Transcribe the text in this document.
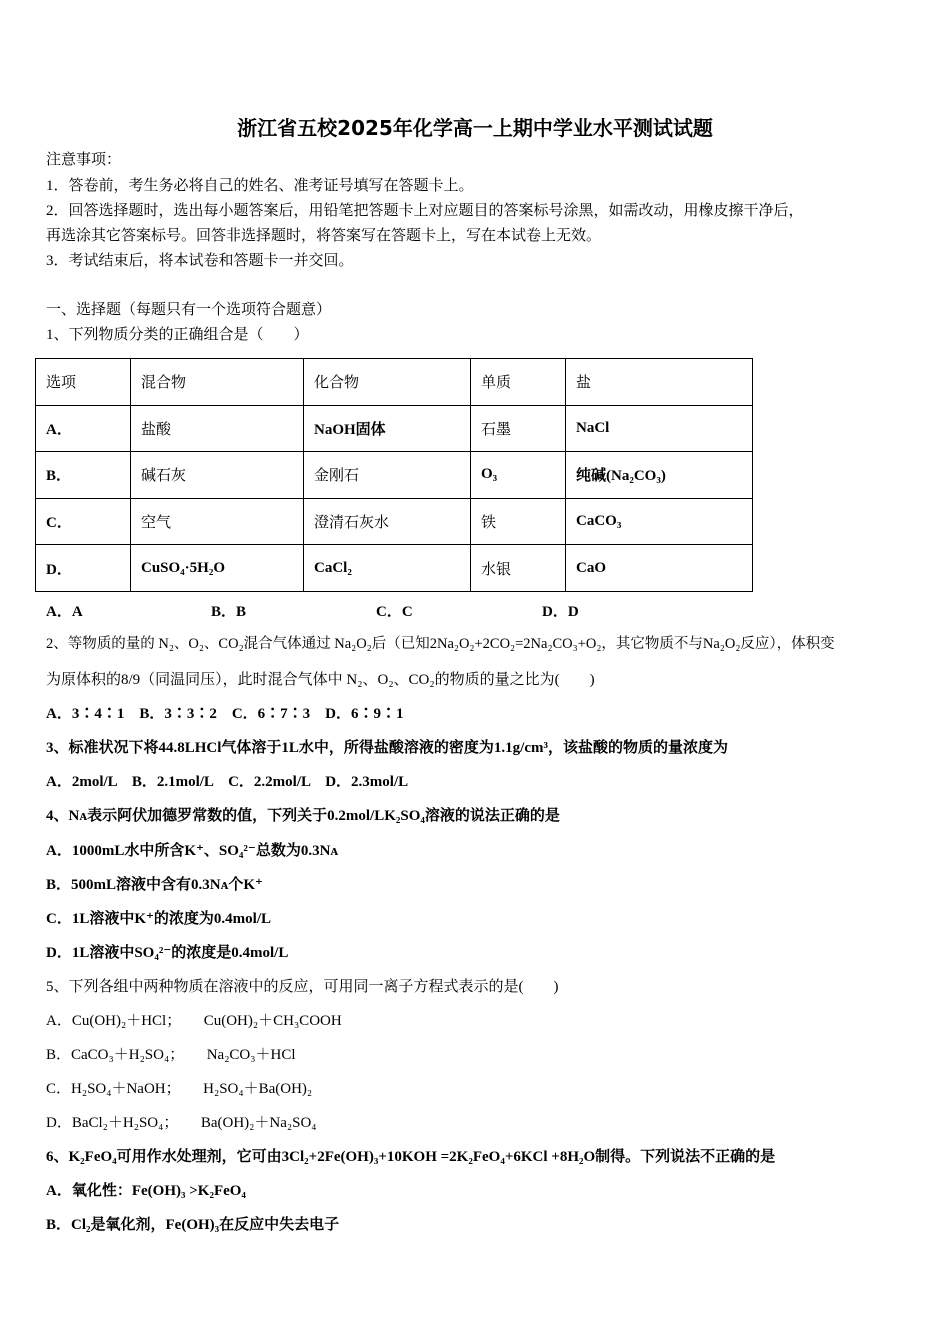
浙江省五校2025年化学高一上期中学业水平测试试题
注意事项：
1．答卷前，考生务必将自己的姓名、准考证号填写在答题卡上。
2．回答选择题时，选出每小题答案后，用铅笔把答题卡上对应题目的答案标号涂黑，如需改动，用橡皮擦干净后，
再选涂其它答案标号。回答非选择题时，将答案写在答题卡上，写在本试卷上无效。
3．考试结束后，将本试卷和答题卡一并交回。
一、选择题（每题只有一个选项符合题意）
1、下列物质分类的正确组合是（　　）
选项	混合物	化合物	单质	盐
A．	盐酸	NaOH固体	石墨	NaCl
B．	碱石灰	金刚石	O₃	纯碱(Na₂CO₃)
C．	空气	澄清石灰水	铁	CaCO₃
D．	CuSO₄·5H₂O	CaCl₂	水银	CaO
A．A	B．B	C．C	D．D
2、等物质的量的 N₂、O₂、CO₂混合气体通过 Na₂O₂后（已知2Na₂O₂+2CO₂=2Na₂CO₃+O₂，其它物质不与Na₂O₂反应），体积变
为原体积的8/9（同温同压），此时混合气体中 N₂、O₂、CO₂的物质的量之比为(　　)
A．3∶4∶1　B．3∶3∶2　C．6∶7∶3　D．6∶9∶1
3、标准状况下将44.8LHCl气体溶于1L水中，所得盐酸溶液的密度为1.1g/cm³，该盐酸的物质的量浓度为
A．2mol/L　B．2.1mol/L　C．2.2mol/L　D．2.3mol/L
4、Nᴀ表示阿伏加德罗常数的值，下列关于0.2mol/LK₂SO₄溶液的说法正确的是
A．1000mL水中所含K⁺、SO₄²⁻总数为0.3Nᴀ
B．500mL溶液中含有0.3Nᴀ个K⁺
C．1L溶液中K⁺的浓度为0.4mol/L
D．1L溶液中SO₄²⁻的浓度是0.4mol/L
5、下列各组中两种物质在溶液中的反应，可用同一离子方程式表示的是(　　)
A．Cu(OH)₂＋HCl；　　Cu(OH)₂＋CH₃COOH
B．CaCO₃＋H₂SO₄；　　Na₂CO₃＋HCl
C．H₂SO₄＋NaOH；　　H₂SO₄＋Ba(OH)₂
D．BaCl₂＋H₂SO₄；　　Ba(OH)₂＋Na₂SO₄
6、K₂FeO₄可用作水处理剂，它可由3Cl₂+2Fe(OH)₃+10KOH =2K₂FeO₄+6KCl +8H₂O制得。下列说法不正确的是
A．氧化性：Fe(OH)₃ >K₂FeO₄
B．Cl₂是氧化剂，Fe(OH)₃在反应中失去电子
